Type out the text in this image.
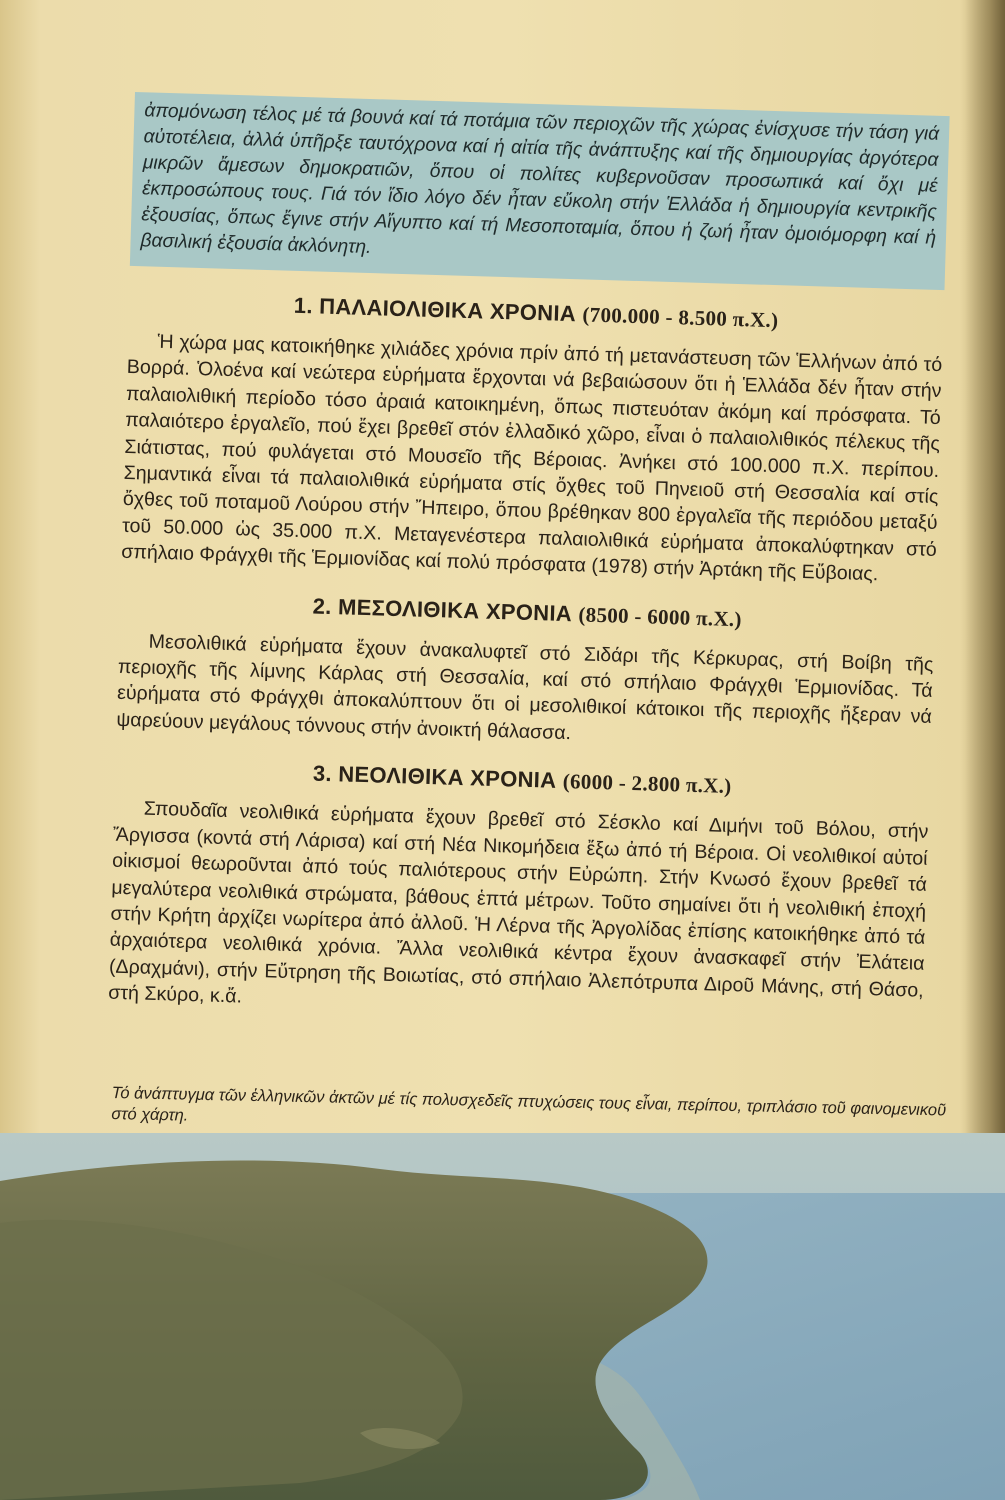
ἀπομόνωση τέλος μέ τά βουνά καί τά ποτάμια τῶν περιοχῶν τῆς χώρας ἐνίσχυσε τήν τάση γιά αὐτοτέλεια, ἀλλά ὑπῆρξε ταυτόχρονα καί ἡ αἰτία τῆς ἀνάπτυξης καί τῆς δημιουργίας ἀργότερα μικρῶν ἄμεσων δημοκρατιῶν, ὅπου οἱ πολίτες κυβερνοῦσαν προσωπικά καί ὄχι μέ ἐκπροσώπους τους. Γιά τόν ἴδιο λόγο δέν ἦταν εὔκολη στήν Ἑλλάδα ἡ δημιουργία κεντρικῆς ἐξουσίας, ὅπως ἔγινε στήν Αἴγυπτο καί τή Μεσοποταμία, ὅπου ἡ ζωή ἦταν ὁμοιόμορφη καί ἡ βασιλική ἐξουσία ἀκλόνητη.
1. ΠΑΛΑΙΟΛΙΘΙΚΑ ΧΡΟΝΙΑ (700.000 - 8.500 π.Χ.)

Ἡ χώρα μας κατοικήθηκε χιλιάδες χρόνια πρίν ἀπό τή μετανάστευση τῶν Ἑλλήνων ἀπό τό Βορρά. Ὁλοένα καί νεώτερα εὑρήματα ἔρχονται νά βεβαιώσουν ὅτι ἡ Ἑλλάδα δέν ἦταν στήν παλαιολιθική περίοδο τόσο ἀραιά κατοικημένη, ὅπως πιστευόταν ἀκόμη καί πρόσφατα. Τό παλαιότερο ἐργαλεῖο, πού ἔχει βρεθεῖ στόν ἑλλαδικό χῶρο, εἶναι ὁ παλαιολιθικός πέλεκυς τῆς Σιάτιστας, πού φυλάγεται στό Μουσεῖο τῆς Βέροιας. Ἀνήκει στό 100.000 π.Χ. περίπου. Σημαντικά εἶναι τά παλαιολιθικά εὑρήματα στίς ὄχθες τοῦ Πηνειοῦ στή Θεσσαλία καί στίς ὄχθες τοῦ ποταμοῦ Λούρου στήν Ἤπειρο, ὅπου βρέθηκαν 800 ἐργαλεῖα τῆς περιόδου μεταξύ τοῦ 50.000 ὡς 35.000 π.Χ. Μεταγενέστερα παλαιολιθικά εὑρήματα ἀποκαλύφτηκαν στό σπήλαιο Φράγχθι τῆς Ἑρμιονίδας καί πολύ πρόσφατα (1978) στήν Ἀρτάκη τῆς Εὔβοιας.

2. ΜΕΣΟΛΙΘΙΚΑ ΧΡΟΝΙΑ (8500 - 6000 π.Χ.)

Μεσολιθικά εὑρήματα ἔχουν ἀνακαλυφτεῖ στό Σιδάρι τῆς Κέρκυρας, στή Βοίβη τῆς περιοχῆς τῆς λίμνης Κάρλας στή Θεσσαλία, καί στό σπήλαιο Φράγχθι Ἑρμιονίδας. Τά εὑρήματα στό Φράγχθι ἀποκαλύπτουν ὅτι οἱ μεσολιθικοί κάτοικοι τῆς περιοχῆς ἤξεραν νά ψαρεύουν μεγάλους τόννους στήν ἀνοικτή θάλασσα.

3. ΝΕΟΛΙΘΙΚΑ ΧΡΟΝΙΑ (6000 - 2.800 π.Χ.)

Σπουδαῖα νεολιθικά εὑρήματα ἔχουν βρεθεῖ στό Σέσκλο καί Διμήνι τοῦ Βόλου, στήν Ἄργισσα (κοντά στή Λάρισα) καί στή Νέα Νικομήδεια ἔξω ἀπό τή Βέροια. Οἱ νεολιθικοί αὐτοί οἰκισμοί θεωροῦνται ἀπό τούς παλιότερους στήν Εὐρώπη. Στήν Κνωσό ἔχουν βρεθεῖ τά μεγαλύτερα νεολιθικά στρώματα, βάθους ἑπτά μέτρων. Τοῦτο σημαίνει ὅτι ἡ νεολιθική ἐποχή στήν Κρήτη ἀρχίζει νωρίτερα ἀπό ἀλλοῦ. Ἡ Λέρνα τῆς Ἀργολίδας ἐπίσης κατοικήθηκε ἀπό τά ἀρχαιότερα νεολιθικά χρόνια. Ἄλλα νεολιθικά κέντρα ἔχουν ἀνασκαφεῖ στήν Ἐλάτεια (Δραχμάνι), στήν Εὔτρηση τῆς Βοιωτίας, στό σπήλαιο Ἀλεπότρυπα Διροῦ Μάνης, στή Θάσο, στή Σκύρο, κ.ἄ.

Τό ἀνάπτυγμα τῶν ἑλληνικῶν ἀκτῶν μέ τίς πολυσχεδεῖς πτυχώσεις τους εἶναι, περίπου, τριπλάσιο τοῦ φαινομενικοῦ στό χάρτη.
